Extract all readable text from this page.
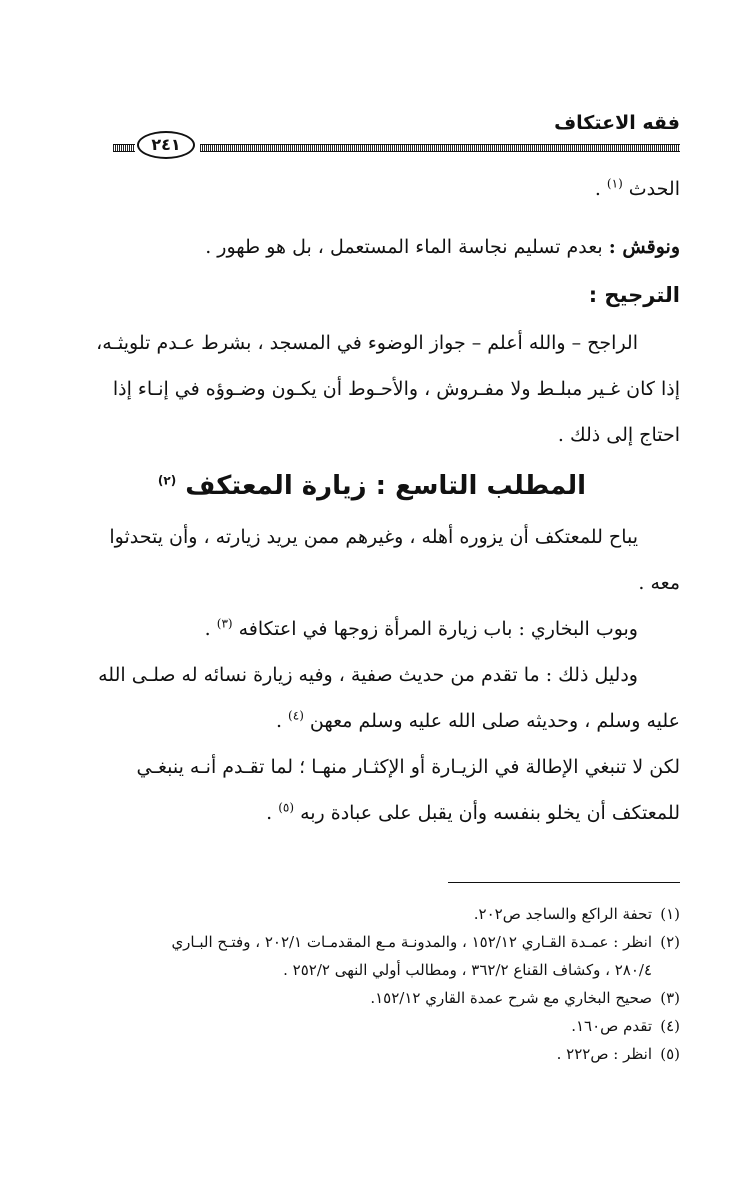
فقه الاعتكاف
٢٤١

الحدث $^{(١)}$ .

ونوقش : بعدم تسليم نجاسة الماء المستعمل ، بل هو طهور .

الترجيح :

الراجح – والله أعلم – جواز الوضوء في المسجد ، بشرط عـدم تلويثـه،
إذا كان غـير مبلـط ولا مفـروش ، والأحـوط أن يكـون وضـوؤه في إنـاء إذا
احتاج إلى ذلك .

المطلب التاسع : زيارة المعتكف $^{(٢)}$

يباح للمعتكف أن يزوره أهله ، وغيرهم ممن يريد زيارته ، وأن يتحدثوا
معه .

وبوب البخاري : باب زيارة المرأة زوجها في اعتكافه $^{(٣)}$ .

ودليل ذلك : ما تقدم من حديث صفية ، وفيه زيارة نسائه له صلـى الله
عليه وسلم ، وحديثه صلى الله عليه وسلم معهن $^{(٤)}$ .

لكن لا تنبغي الإطالة في الزيـارة أو الإكثـار منهـا ؛ لما تقـدم أنـه ينبغـي
للمعتكف أن يخلو بنفسه وأن يقبل على عبادة ربه $^{(٥)}$ .

(١)
تحفة الراكع والساجد ص٢٠٢.
(٢)
انظر : عمـدة القـاري ١٥٢/١٢ ، والمدونـة مـع المقدمـات ٢٠٢/١ ، وفتـح البـاري
٢٨٠/٤ ، وكشاف القناع ٣٦٢/٢ ، ومطالب أولي النهى ٢٥٢/٢ .
(٣)
صحيح البخاري مع شرح عمدة القاري ١٥٢/١٢.
(٤)
تقدم ص١٦٠.
(٥)
انظر : ص٢٢٢ .
